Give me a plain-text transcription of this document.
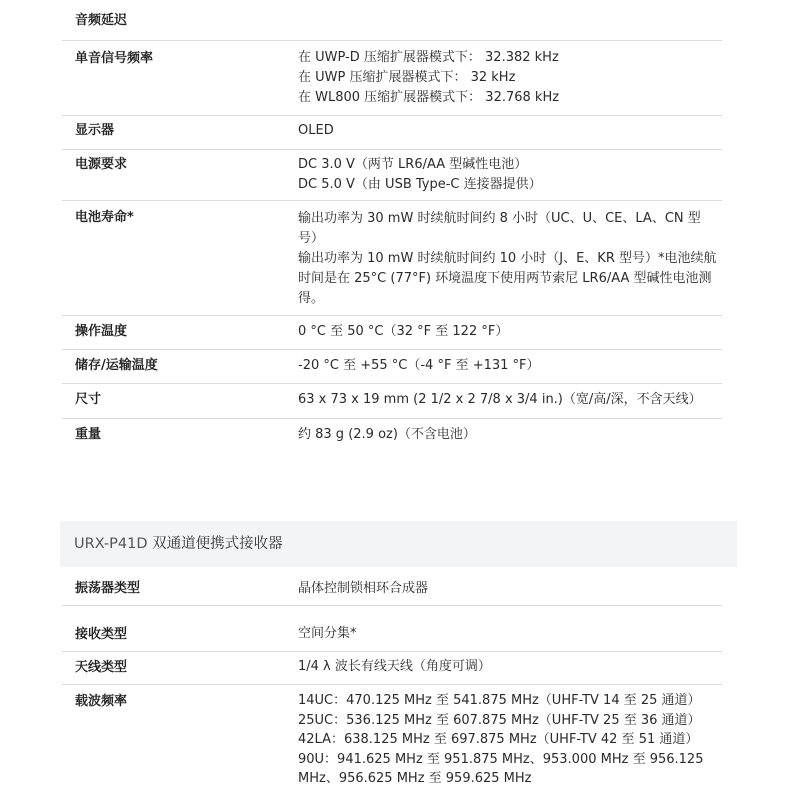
音频延迟
单音信号频率	在 UWP-D 压缩扩展器模式下： 32.382 kHz
在 UWP 压缩扩展器模式下： 32 kHz
在 WL800 压缩扩展器模式下： 32.768 kHz
显示器	OLED
电源要求	DC 3.0 V（两节 LR6/AA 型碱性电池）
DC 5.0 V（由 USB Type-C 连接器提供）
电池寿命*	输出功率为 30 mW 时续航时间约 8 小时（UC、U、CE、LA、CN 型
号）
输出功率为 10 mW 时续航时间约 10 小时（J、E、KR 型号）*电池续航
时间是在 25°C (77°F) 环境温度下使用两节索尼 LR6/AA 型碱性电池测
得。
操作温度	0 °C 至 50 °C（32 °F 至 122 °F）
储存/运输温度	-20 °C 至 +55 °C（-4 °F 至 +131 °F）
尺寸	63 x 73 x 19 mm (2 1/2 x 2 7/8 x 3/4 in.)（宽/高/深，不含天线）
重量	约 83 g (2.9 oz)（不含电池）
URX-P41D 双通道便携式接收器
振荡器类型	晶体控制锁相环合成器
接收类型	空间分集*
天线类型	1/4 λ 波长有线天线（角度可调）
载波频率	14UC：470.125 MHz 至 541.875 MHz（UHF-TV 14 至 25 通道）
25UC：536.125 MHz 至 607.875 MHz（UHF-TV 25 至 36 通道）
42LA：638.125 MHz 至 697.875 MHz（UHF-TV 42 至 51 通道）
90U：941.625 MHz 至 951.875 MHz、953.000 MHz 至 956.125
MHz、956.625 MHz 至 959.625 MHz
